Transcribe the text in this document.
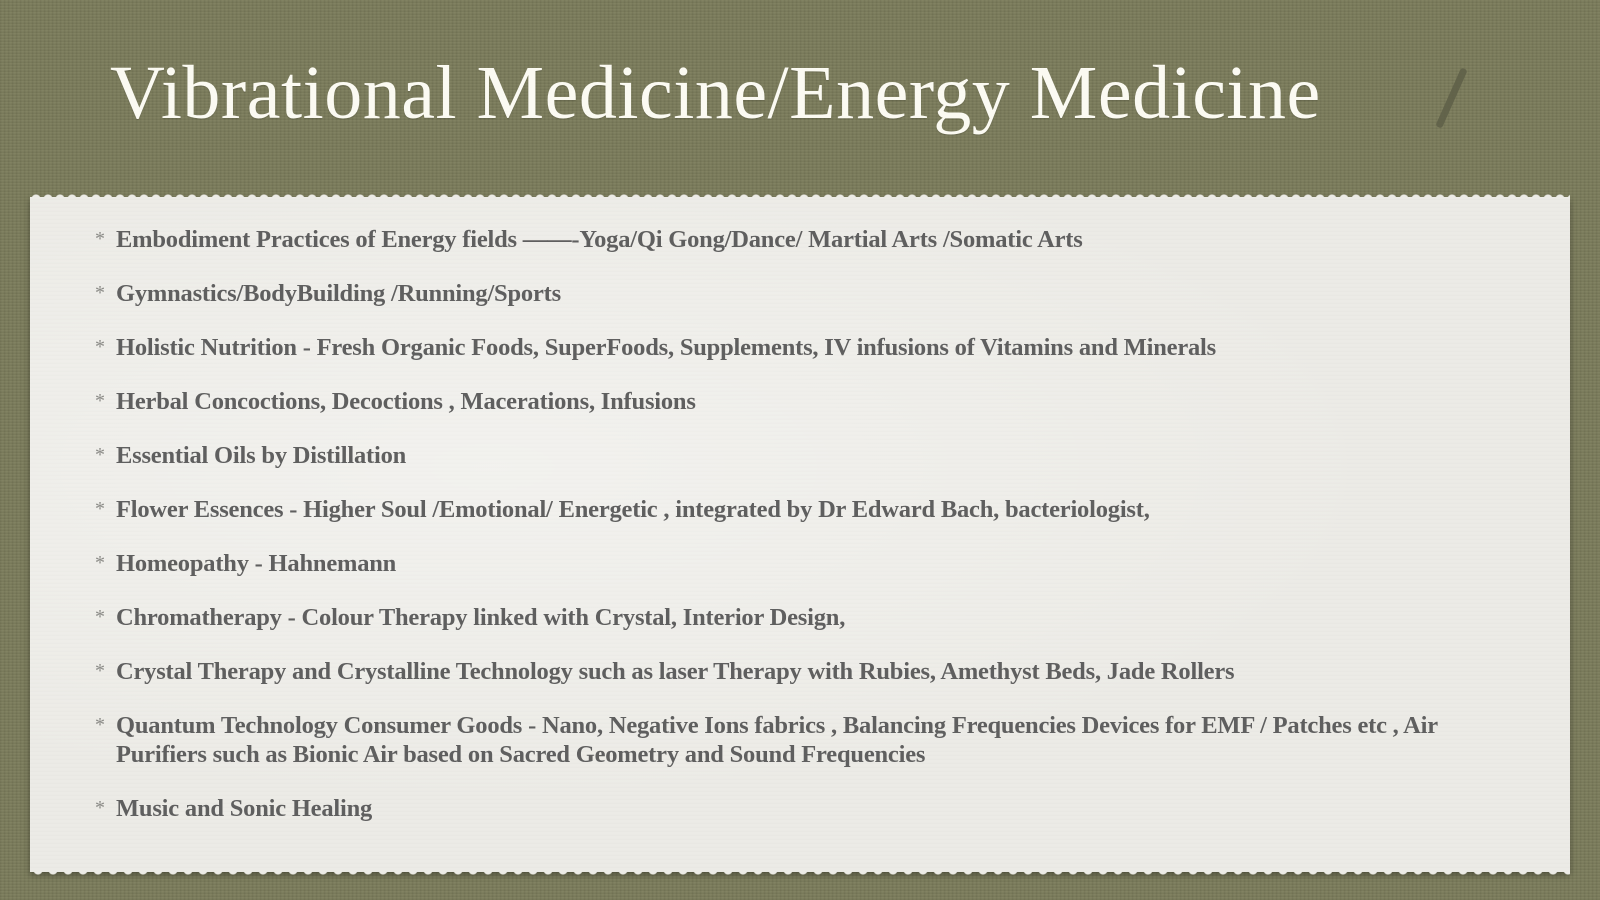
Vibrational Medicine/Energy Medicine
* Embodiment Practices of Energy fields ——-Yoga/Qi Gong/Dance/ Martial Arts /Somatic Arts
* Gymnastics/BodyBuilding /Running/Sports
* Holistic Nutrition - Fresh Organic Foods, SuperFoods, Supplements, IV infusions of Vitamins and Minerals
* Herbal Concoctions, Decoctions , Macerations, Infusions
* Essential Oils by Distillation
* Flower Essences - Higher Soul /Emotional/ Energetic , integrated by Dr Edward Bach, bacteriologist,
* Homeopathy - Hahnemann
* Chromatherapy - Colour Therapy linked with Crystal, Interior Design,
* Crystal Therapy and Crystalline Technology such as laser Therapy with Rubies, Amethyst Beds, Jade Rollers
* Quantum Technology Consumer Goods - Nano, Negative Ions fabrics , Balancing Frequencies Devices for EMF / Patches etc , Air Purifiers such as Bionic Air based on Sacred Geometry and Sound Frequencies
* Music and Sonic Healing
